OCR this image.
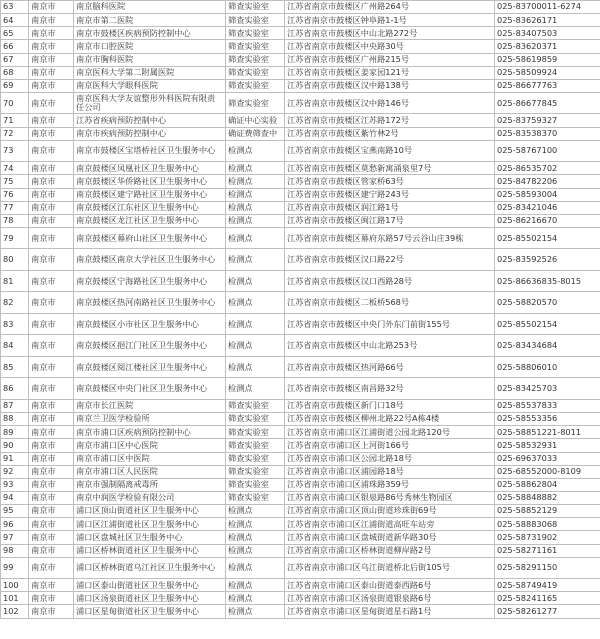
63	南京市	南京脑科医院	筛查实验室	江苏省南京市鼓楼区广州路264号	025-83700011-6274
64	南京市	南京市第二医院	筛查实验室	江苏省南京市鼓楼区钟阜路1-1号	025-83626171
65	南京市	南京市鼓楼区疾病预防控制中心	筛查实验室	江苏省南京市鼓楼区中山北路272号	025-83407503
66	南京市	南京市口腔医院	筛查实验室	江苏省南京市鼓楼区中央路30号	025-83620371
67	南京市	南京市胸科医院	筛查实验室	江苏省南京市鼓楼区广州路215号	025-58619859
68	南京市	南京医科大学第二附属医院	筛查实验室	江苏省南京市鼓楼区姜家园121号	025-58509924
69	南京市	南京医科大学眼科医院	筛查实验室	江苏省南京市鼓楼区汉中路138号	025-86677763
70	南京市	南京医科大学友谊整形外科医院有限责任公司	筛查实验室	江苏省南京市鼓楼区汉中路146号	025-86677845
71	南京市	江苏省疾病预防控制中心	确证中心实验	江苏省南京市鼓楼区江苏路172号	025-83759327
72	南京市	南京市疾病预防控制中心	确证费筛查中	江苏省南京市鼓楼区紫竹林2号	025-83538370
73	南京市	南京市鼓楼区宝塔桥社区卫生服务中心	检测点	江苏省南京市鼓楼区宝燕南路10号	025-58767100
74	南京市	南京鼓楼区凤凰社区卫生服务中心	检测点	江苏省南京市鼓楼区莫愁新寓涌泉里7号	025-86535702
75	南京市	南京鼓楼区华侨路社区卫生服务中心	检测点	江苏省南京市鼓楼区管家桥63号	025-84782206
76	南京市	南京鼓楼区建宁路社区卫生服务中心	检测点	江苏省南京市鼓楼区建宁路243号	025-58593004
77	南京市	南京鼓楼区江东社区卫生服务中心	检测点	江苏省南京市鼓楼区润江路1号	025-83421046
78	南京市	南京鼓楼区龙江社区卫生服务中心	检测点	江苏省南京市鼓楼区闽江路17号	025-86216670
79	南京市	南京鼓楼区幕府山社区卫生服务中心	检测点	江苏省南京市鼓楼区幕府东路57号云谷山庄39栋	025-85502154
80	南京市	南京鼓楼区南京大学社区卫生服务中心	检测点	江苏省南京市鼓楼区汉口路22号	025-83592526
81	南京市	南京鼓楼区宁海路社区卫生服务中心	检测点	江苏省南京市鼓楼区汉口西路28号	025-86636835-8015
82	南京市	南京鼓楼区热河南路社区卫生服务中心	检测点	江苏省南京市鼓楼区二板桥568号	025-58820570
83	南京市	南京鼓楼区小市社区卫生服务中心	检测点	江苏省南京市鼓楼区中央门外东门前街155号	025-85502154
84	南京市	南京鼓楼区挹江门社区卫生服务中心	检测点	江苏省南京市鼓楼区中山北路253号	025-83434684
85	南京市	南京鼓楼区阅江楼社区卫生服务中心	检测点	江苏省南京市鼓楼区热河路66号	025-58806010
86	南京市	南京鼓楼区中央门社区卫生服务中心	检测点	江苏省南京市鼓楼区南昌路32号	025-83425703
87	南京市	南京市长江医院	筛查实验室	江苏省南京市鼓楼区新门口18号	025-85537833
88	南京市	南京兰卫医学检验所	筛查实验室	江苏省南京市鼓楼区柳州北路22号A栋4楼	025-58553356
89	南京市	南京市浦口区疾病预防控制中心	筛查实验室	江苏省南京市浦口区江浦街道公园北路120号	025-58851221-8011
90	南京市	南京市浦口区中心医院	筛查实验室	江苏省南京市浦口区上河街166号	025-58532931
91	南京市	南京市浦口区中医院	筛查实验室	江苏省南京市浦口区公园北路18号	025-69637033
92	南京市	南京市浦口区人民医院	筛查实验室	江苏省南京市浦口区浦园路18号	025-68552000-8109
93	南京市	南京市强制隔离戒毒所	筛查实验室	江苏省南京市浦口区浦珠路359号	025-58862804
94	南京市	南京中润医学检验有限公司	筛查实验室	江苏省南京市浦口区银泉路86号秀林生物园区	025-58848882
95	南京市	浦口区顶山街道社区卫生服务中心	检测点	江苏省南京市浦口区顶山街道珍珠街69号	025-58852129
96	南京市	浦口区江浦街道社区卫生服务中心	检测点	江苏省南京市浦口区江浦街道高旺车站旁	025-58883068
97	南京市	浦口区盘城社区卫生服务中心	检测点	江苏省南京市浦口区盘城街道新华路30号	025-58731902
98	南京市	浦口区桥林街道社区卫生服务中心	检测点	江苏省南京市浦口区桥林街道柳岸路2号	025-58271161
99	南京市	浦口区桥林街道乌江社区卫生服务中心	检测点	江苏省南京市浦口区乌江街道桥北后街105号	025-58291150
100	南京市	浦口区泰山街道社区卫生服务中心	检测点	江苏省南京市浦口区泰山街道泰西路6号	025-58749419
101	南京市	浦口区汤泉街道社区卫生服务中心	检测点	江苏省南京市浦口区汤泉街道银泉路6号	025-58241165
102	南京市	浦口区星甸街道社区卫生服务中心	检测点	江苏省南京市浦口区星甸街道星石路1号	025-58261277
